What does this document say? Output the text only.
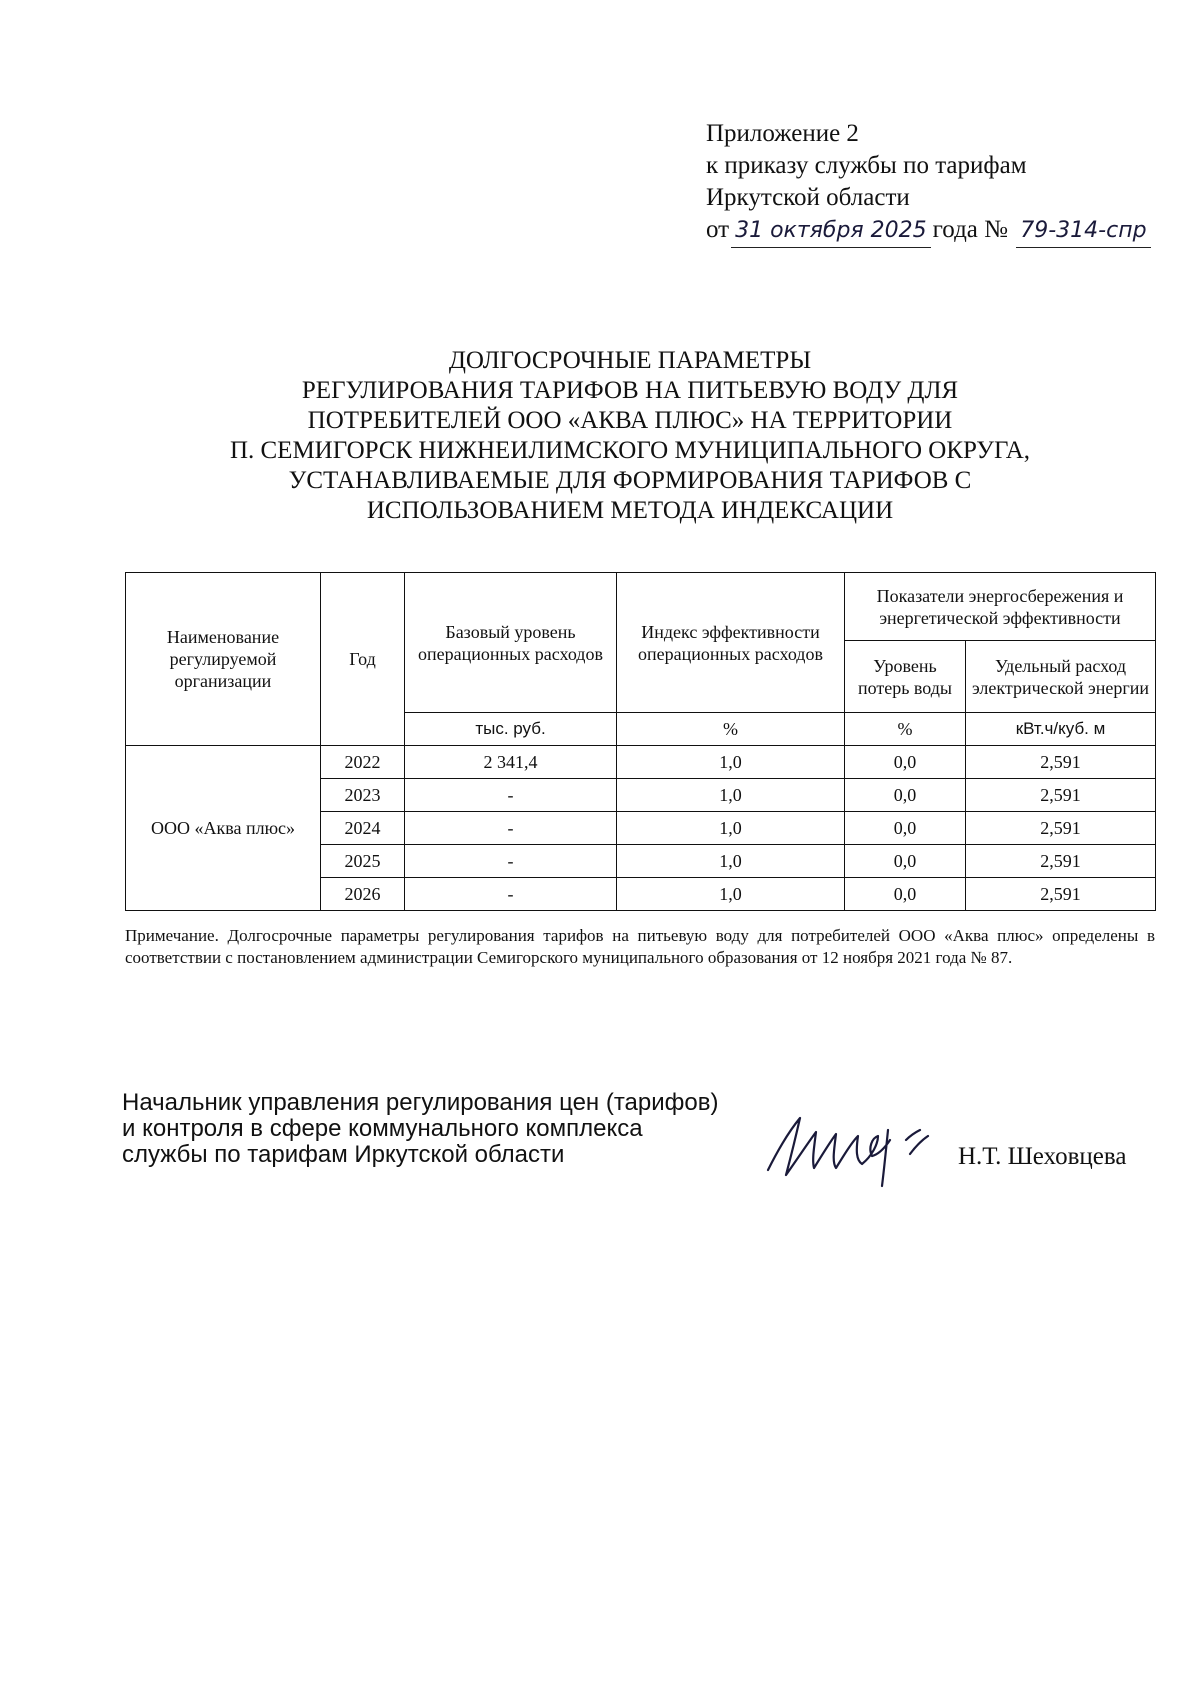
Приложение 2
к приказу службы по тарифам
Иркутской области
от 31 октября 2025 года № 79-314-спр
ДОЛГОСРОЧНЫЕ ПАРАМЕТРЫ
РЕГУЛИРОВАНИЯ ТАРИФОВ НА ПИТЬЕВУЮ ВОДУ ДЛЯ
ПОТРЕБИТЕЛЕЙ ООО «АКВА ПЛЮС» НА ТЕРРИТОРИИ
П. СЕМИГОРСК НИЖНЕИЛИМСКОГО МУНИЦИПАЛЬНОГО ОКРУГА,
УСТАНАВЛИВАЕМЫЕ ДЛЯ ФОРМИРОВАНИЯ ТАРИФОВ С
ИСПОЛЬЗОВАНИЕМ МЕТОДА ИНДЕКСАЦИИ
Наименование регулируемой организации	Год	Базовый уровень операционных расходов	Индекс эффективности операционных расходов	Показатели энергосбережения и энергетической эффективности	
				Уровень потерь воды	Удельный расход электрической энергии
		тыс. руб.	%	%	кВт.ч/куб. м
ООО «Аква плюс»	2022	2 341,4	1,0	0,0	2,591
	2023	-	1,0	0,0	2,591
	2024	-	1,0	0,0	2,591
	2025	-	1,0	0,0	2,591
	2026	-	1,0	0,0	2,591
Примечание. Долгосрочные параметры регулирования тарифов на питьевую воду для потребителей ООО «Аква плюс» определены в соответствии с постановлением администрации Семигорского муниципального образования от 12 ноября 2021 года № 87.
Начальник управления регулирования цен (тарифов)
и контроля в сфере коммунального комплекса
службы по тарифам Иркутской области	Н.Т. Шеховцева
